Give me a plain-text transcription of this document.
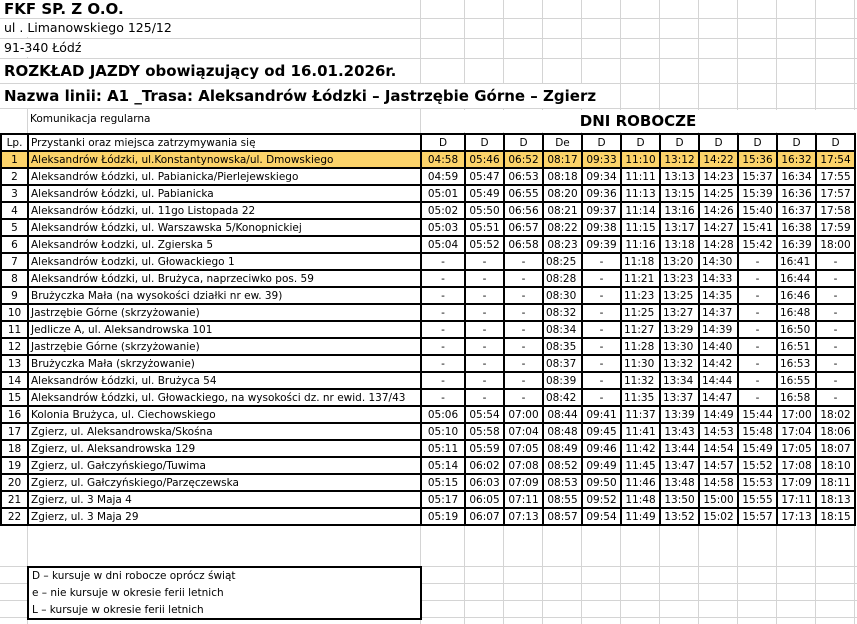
FKF SP. Z O.O.
ul . Limanowskiego 125/12
91-340 Łódź
ROZKŁAD JAZDY obowiązujący od 16.01.2026r.
Nazwa linii: A1 _Trasa: Aleksandrów Łódzki – Jastrzębie Górne – Zgierz
Komunikacja regularna	DNI ROBOCZE
Lp.	Przystanki oraz miejsca zatrzymywania się	D	D	D	De	D	D	D	D	D	D	D
1	Aleksandrów Łódzki, ul.Konstantynowska/ul. Dmowskiego	04:58	05:46	06:52	08:17	09:33	11:10	13:12	14:22	15:36	16:32	17:54
2	Aleksandrów Łódzki, ul. Pabianicka/Pierlejewskiego	04:59	05:47	06:53	08:18	09:34	11:11	13:13	14:23	15:37	16:34	17:55
3	Aleksandrów Łódzki, ul. Pabianicka	05:01	05:49	06:55	08:20	09:36	11:13	13:15	14:25	15:39	16:36	17:57
4	Aleksandrów Łódzki, ul. 11go Listopada 22	05:02	05:50	06:56	08:21	09:37	11:14	13:16	14:26	15:40	16:37	17:58
5	Aleksandrów Łódzki, ul. Warszawska 5/Konopnickiej	05:03	05:51	06:57	08:22	09:38	11:15	13:17	14:27	15:41	16:38	17:59
6	Aleksandrów Łodzki, ul. Zgierska 5	05:04	05:52	06:58	08:23	09:39	11:16	13:18	14:28	15:42	16:39	18:00
7	Aleksandrów Łodzki, ul. Głowackiego 1	-	-	-	08:25	-	11:18	13:20	14:30	-	16:41	-
8	Aleksandrów Łódzki, ul. Brużyca, naprzeciwko pos. 59	-	-	-	08:28	-	11:21	13:23	14:33	-	16:44	-
9	Brużyczka Mała (na wysokości działki nr ew. 39)	-	-	-	08:30	-	11:23	13:25	14:35	-	16:46	-
10	Jastrzębie Górne (skrzyżowanie)	-	-	-	08:32	-	11:25	13:27	14:37	-	16:48	-
11	Jedlicze A, ul. Aleksandrowska 101	-	-	-	08:34	-	11:27	13:29	14:39	-	16:50	-
12	Jastrzębie Górne (skrzyżowanie)	-	-	-	08:35	-	11:28	13:30	14:40	-	16:51	-
13	Brużyczka Mała (skrzyżowanie)	-	-	-	08:37	-	11:30	13:32	14:42	-	16:53	-
14	Aleksandrów Łódzki, ul. Brużyca 54	-	-	-	08:39	-	11:32	13:34	14:44	-	16:55	-
15	Aleksandrów Łódzki, ul. Głowackiego, na wysokości dz. nr ewid. 137/43	-	-	-	08:42	-	11:35	13:37	14:47	-	16:58	-
16	Kolonia Brużyca, ul. Ciechowskiego	05:06	05:54	07:00	08:44	09:41	11:37	13:39	14:49	15:44	17:00	18:02
17	Zgierz, ul. Aleksandrowska/Skośna	05:10	05:58	07:04	08:48	09:45	11:41	13:43	14:53	15:48	17:04	18:06
18	Zgierz, ul. Aleksandrowska 129	05:11	05:59	07:05	08:49	09:46	11:42	13:44	14:54	15:49	17:05	18:07
19	Zgierz, ul. Gałczyńskiego/Tuwima	05:14	06:02	07:08	08:52	09:49	11:45	13:47	14:57	15:52	17:08	18:10
20	Zgierz, ul. Gałczyńskiego/Parzęczewska	05:15	06:03	07:09	08:53	09:50	11:46	13:48	14:58	15:53	17:09	18:11
21	Zgierz, ul. 3 Maja 4	05:17	06:05	07:11	08:55	09:52	11:48	13:50	15:00	15:55	17:11	18:13
22	Zgierz, ul. 3 Maja 29	05:19	06:07	07:13	08:57	09:54	11:49	13:52	15:02	15:57	17:13	18:15
D – kursuje w dni robocze oprócz świąt
e – nie kursuje w okresie ferii letnich
L – kursuje w okresie ferii letnich
